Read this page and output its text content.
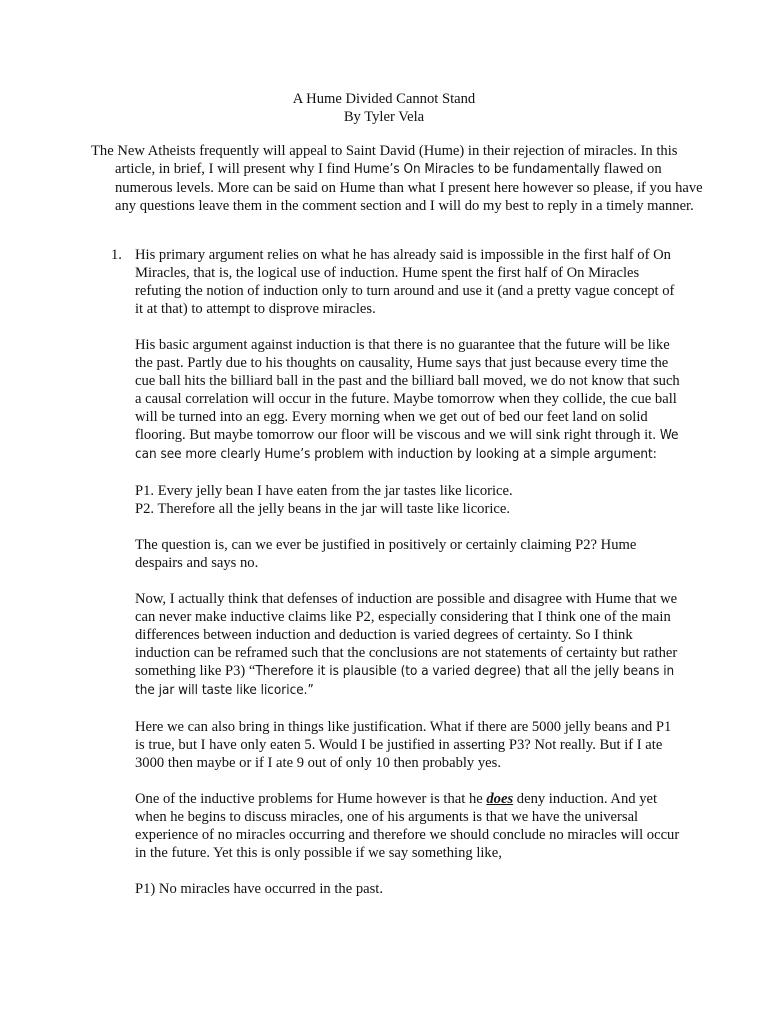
A Hume Divided Cannot Stand
By Tyler Vela
The New Atheists frequently will appeal to Saint David (Hume) in their rejection of miracles. In this article, in brief, I will present why I find Hume’s On Miracles to be fundamentally flawed on numerous levels. More can be said on Hume than what I present here however so please, if you have any questions leave them in the comment section and I will do my best to reply in a timely manner.
1. His primary argument relies on what he has already said is impossible in the first half of On Miracles, that is, the logical use of induction. Hume spent the first half of On Miracles refuting the notion of induction only to turn around and use it (and a pretty vague concept of it at that) to attempt to disprove miracles.
His basic argument against induction is that there is no guarantee that the future will be like the past. Partly due to his thoughts on causality, Hume says that just because every time the cue ball hits the billiard ball in the past and the billiard ball moved, we do not know that such a causal correlation will occur in the future. Maybe tomorrow when they collide, the cue ball will be turned into an egg. Every morning when we get out of bed our feet land on solid flooring. But maybe tomorrow our floor will be viscous and we will sink right through it. We can see more clearly Hume’s problem with induction by looking at a simple argument:
P1. Every jelly bean I have eaten from the jar tastes like licorice.
P2. Therefore all the jelly beans in the jar will taste like licorice.
The question is, can we ever be justified in positively or certainly claiming P2? Hume despairs and says no.
Now, I actually think that defenses of induction are possible and disagree with Hume that we can never make inductive claims like P2, especially considering that I think one of the main differences between induction and deduction is varied degrees of certainty. So I think induction can be reframed such that the conclusions are not statements of certainty but rather something like P3) “Therefore it is plausible (to a varied degree) that all the jelly beans in the jar will taste like licorice.”
Here we can also bring in things like justification. What if there are 5000 jelly beans and P1 is true, but I have only eaten 5. Would I be justified in asserting P3? Not really. But if I ate 3000 then maybe or if I ate 9 out of only 10 then probably yes.
One of the inductive problems for Hume however is that he does deny induction. And yet when he begins to discuss miracles, one of his arguments is that we have the universal experience of no miracles occurring and therefore we should conclude no miracles will occur in the future. Yet this is only possible if we say something like,
P1) No miracles have occurred in the past.
